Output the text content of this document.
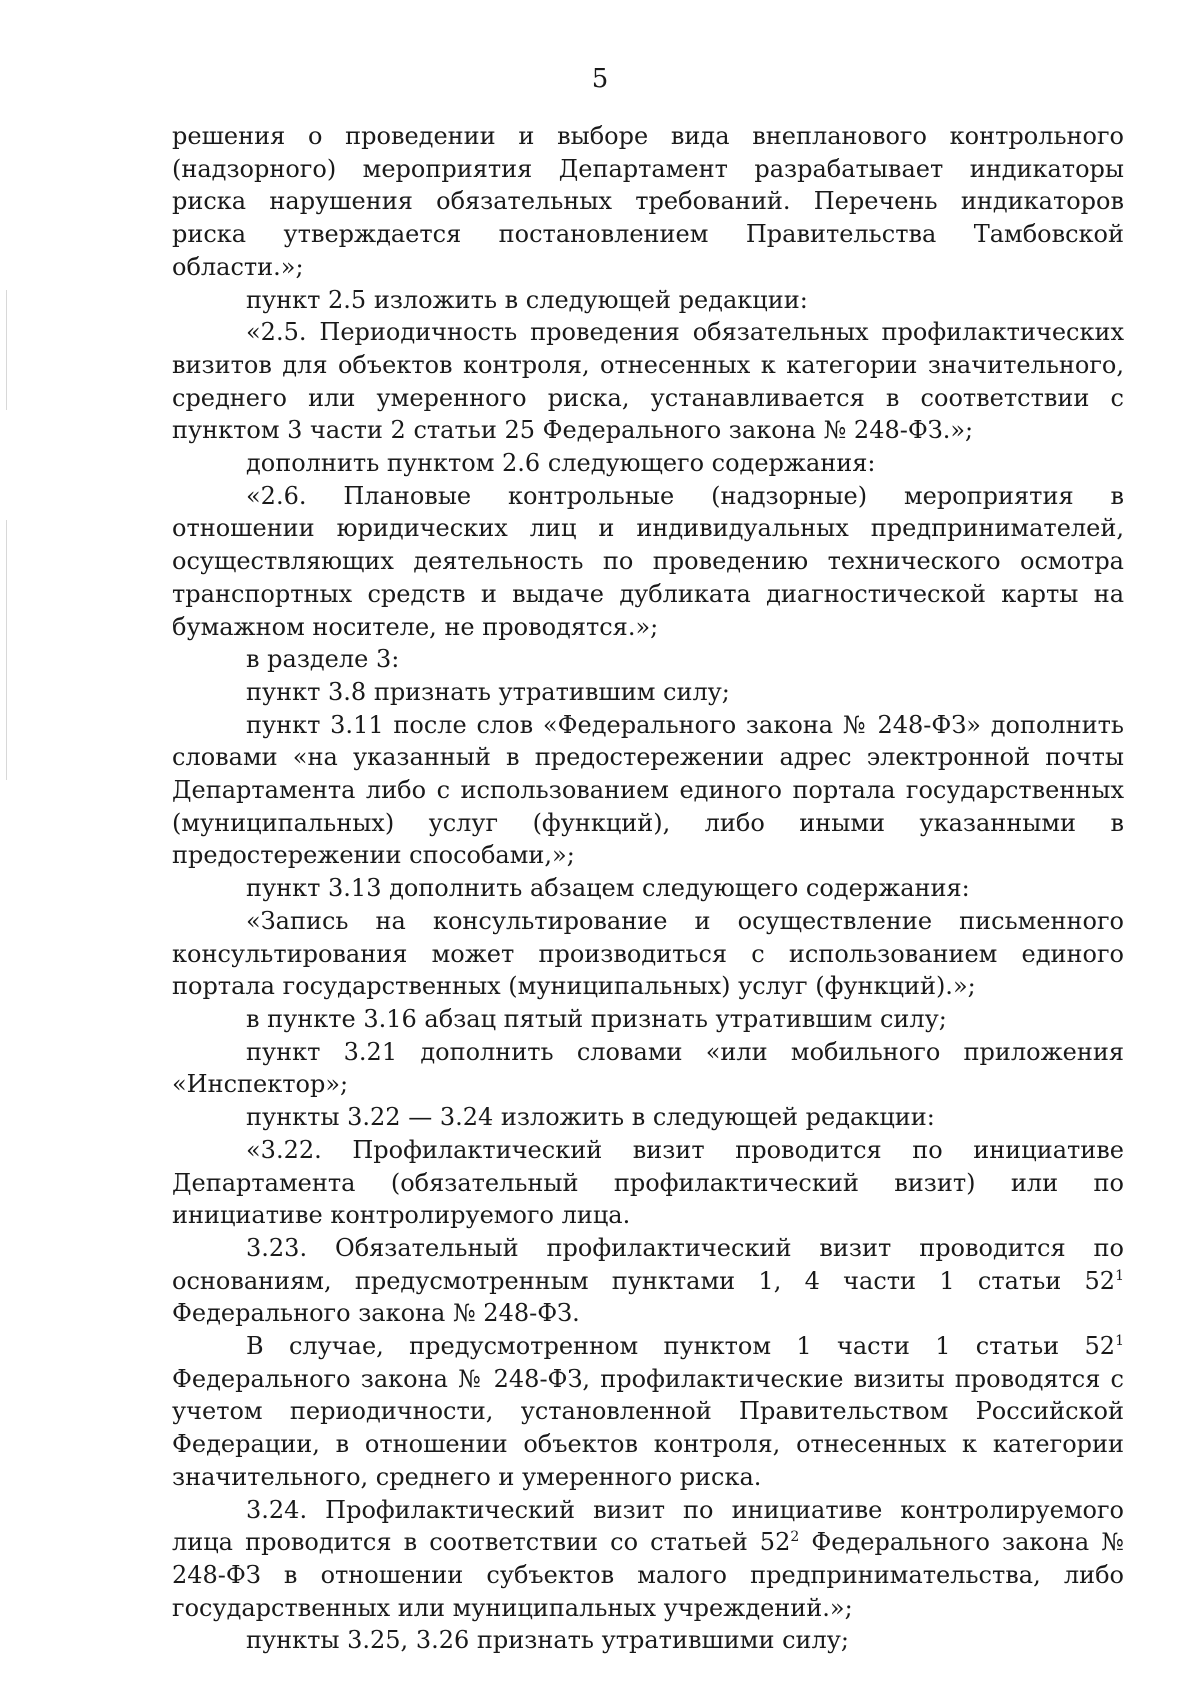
5

решения о проведении и выборе вида внепланового контрольного (надзорного) мероприятия Департамент разрабатывает индикаторы риска нарушения обязательных требований. Перечень индикаторов риска утверждается постановлением Правительства Тамбовской области.»;

пункт 2.5 изложить в следующей редакции:

«2.5. Периодичность проведения обязательных профилактических визитов для объектов контроля, отнесенных к категории значительного, среднего или умеренного риска, устанавливается в соответствии с пунктом 3 части 2 статьи 25 Федерального закона № 248-ФЗ.»;

дополнить пунктом 2.6 следующего содержания:

«2.6. Плановые контрольные (надзорные) мероприятия в отношении юридических лиц и индивидуальных предпринимателей, осуществляющих деятельность по проведению технического осмотра транспортных средств и выдаче дубликата диагностической карты на бумажном носителе, не проводятся.»;

в разделе 3:

пункт 3.8 признать утратившим силу;

пункт 3.11 после слов «Федерального закона № 248-ФЗ» дополнить словами «на указанный в предостережении адрес электронной почты Департамента либо с использованием единого портала государственных (муниципальных) услуг (функций), либо иными указанными в предостережении способами,»;

пункт 3.13 дополнить абзацем следующего содержания:

«Запись на консультирование и осуществление письменного консультирования может производиться с использованием единого портала государственных (муниципальных) услуг (функций).»;

в пункте 3.16 абзац пятый признать утратившим силу;

пункт 3.21 дополнить словами «или мобильного приложения «Инспектор»;

пункты 3.22 — 3.24 изложить в следующей редакции:

«3.22. Профилактический визит проводится по инициативе Департамента (обязательный профилактический визит) или по инициативе контролируемого лица.

3.23. Обязательный профилактический визит проводится по основаниям, предусмотренным пунктами 1, 4 части 1 статьи $52^1$ Федерального закона № 248-ФЗ.

В случае, предусмотренном пунктом 1 части 1 статьи $52^1$ Федерального закона № 248-ФЗ, профилактические визиты проводятся с учетом периодичности, установленной Правительством Российской Федерации, в отношении объектов контроля, отнесенных к категории значительного, среднего и умеренного риска.

3.24. Профилактический визит по инициативе контролируемого лица проводится в соответствии со статьей $52^2$ Федерального закона № 248-ФЗ в отношении субъектов малого предпринимательства, либо государственных или муниципальных учреждений.»;

пункты 3.25, 3.26 признать утратившими силу;
